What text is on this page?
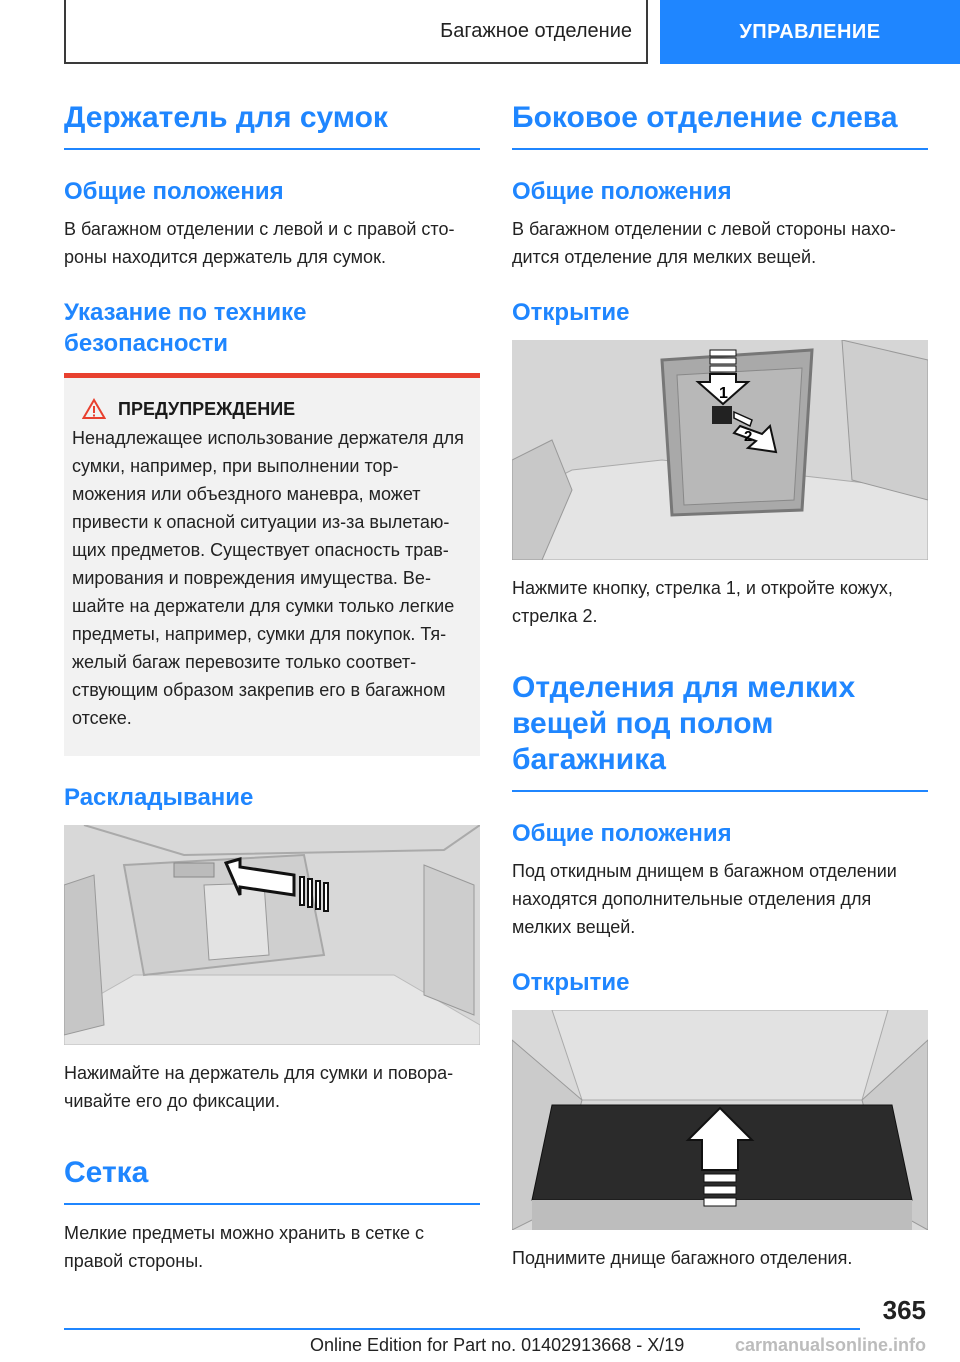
Багажное отделение	УПРАВЛЕНИЕ
Держатель для сумок
Общие положения

В багажном отделении с левой и с правой сто-роны находится держатель для сумок.

Указание по технике безопасности
ПРЕДУПРЕЖДЕНИЕ

Ненадлежащее использование держателя для сумки, например, при выполнении тор-можения или объездного маневра, может привести к опасной ситуации из-за вылетаю-щих предметов. Существует опасность трав-мирования и повреждения имущества. Ве-шайте на держатели для сумки только легкие предметы, например, сумки для покупок. Тя-желый багаж перевозите только соответ-ствующим образом закрепив его в багажном отсеке.

Раскладывание

Нажимайте на держатель для сумки и повора-чивайте его до фиксации.

Сетка

Мелкие предметы можно хранить в сетке с правой стороны.

Боковое отделение слева
Общие положения

В багажном отделении с левой стороны нахо-дится отделение для мелких вещей.

Открытие
1
2

Нажмите кнопку, стрелка 1, и откройте кожух, стрелка 2.

Отделения для мелких вещей под полом багажника
Общие положения

Под откидным днищем в багажном отделении находятся дополнительные отделения для мелких вещей.

Открытие

Поднимите днище багажного отделения.

365
Online Edition for Part no. 01402913668 - X/19	carmanualsonline.info
